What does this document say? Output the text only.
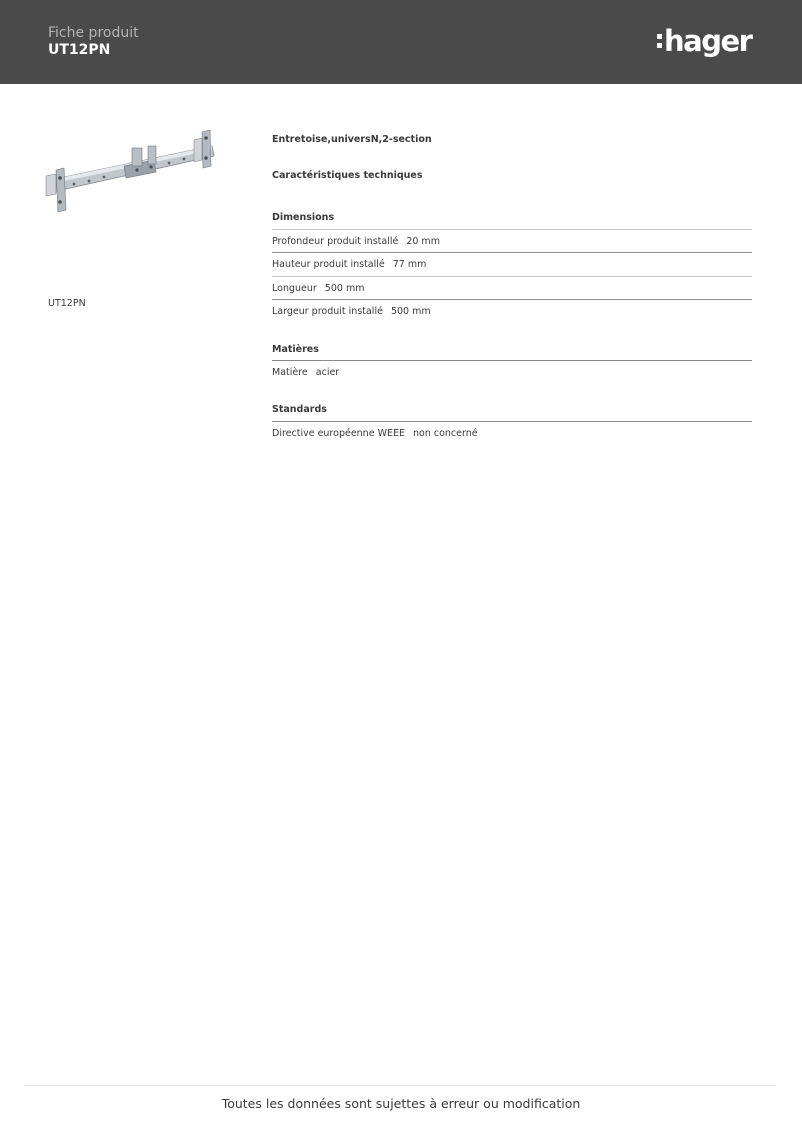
Fiche produit
UT12PN	hager
UT12PN
Entretoise,universN,2-section
Caractéristiques techniques
Dimensions
Profondeur produit installé 20 mm
Hauteur produit installé 77 mm
Longueur 500 mm
Largeur produit installé 500 mm
Matières
Matière acier
Standards
Directive européenne WEEE non concerné
Toutes les données sont sujettes à erreur ou modification
